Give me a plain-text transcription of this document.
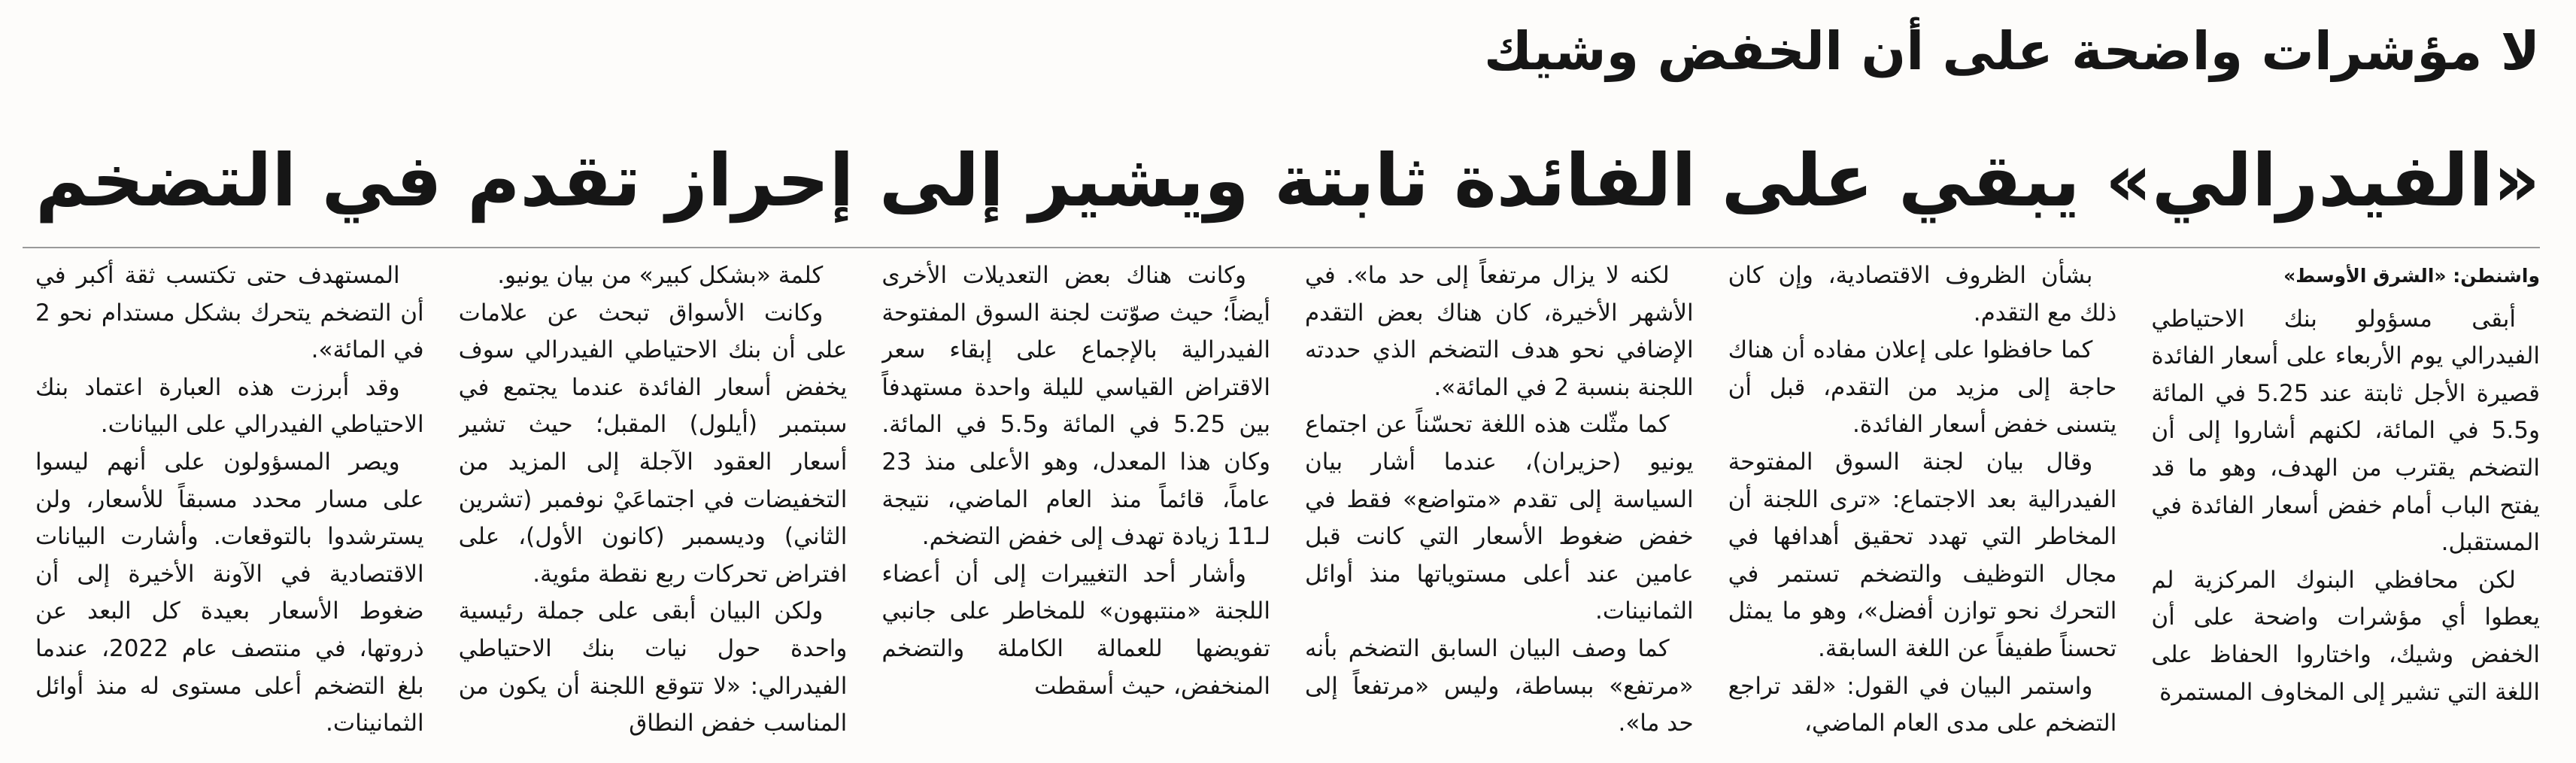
لا مؤشرات واضحة على أن الخفض وشيك
«الفيدرالي» يبقي على الفائدة ثابتة ويشير إلى إحراز تقدم في التضخم
واشنطن: «الشرق الأوسط»

أبقى مسؤولو بنك الاحتياطي الفيدرالي يوم الأربعاء على أسعار الفائدة قصيرة الأجل ثابتة عند 5.25 في المائة و5.5 في المائة، لكنهم أشاروا إلى أن التضخم يقترب من الهدف، وهو ما قد يفتح الباب أمام خفض أسعار الفائدة في المستقبل.

لكن محافظي البنوك المركزية لم يعطوا أي مؤشرات واضحة على أن الخفض وشيك، واختاروا الحفاظ على اللغة التي تشير إلى المخاوف المستمرة

بشأن الظروف الاقتصادية، وإن كان ذلك مع التقدم.

كما حافظوا على إعلان مفاده أن هناك حاجة إلى مزيد من التقدم، قبل أن يتسنى خفض أسعار الفائدة.

وقال بيان لجنة السوق المفتوحة الفيدرالية بعد الاجتماع: «ترى اللجنة أن المخاطر التي تهدد تحقيق أهدافها في مجال التوظيف والتضخم تستمر في التحرك نحو توازن أفضل»، وهو ما يمثل تحسناً طفيفاً عن اللغة السابقة.

واستمر البيان في القول: «لقد تراجع التضخم على مدى العام الماضي،

لكنه لا يزال مرتفعاً إلى حد ما». في الأشهر الأخيرة، كان هناك بعض التقدم الإضافي نحو هدف التضخم الذي حددته اللجنة بنسبة 2 في المائة».

كما مثّلت هذه اللغة تحسّناً عن اجتماع يونيو (حزيران)، عندما أشار بيان السياسة إلى تقدم «متواضع» فقط في خفض ضغوط الأسعار التي كانت قبل عامين عند أعلى مستوياتها منذ أوائل الثمانينات.

كما وصف البيان السابق التضخم بأنه «مرتفع» ببساطة، وليس «مرتفعاً إلى حد ما».

وكانت هناك بعض التعديلات الأخرى أيضاً؛ حيث صوّتت لجنة السوق المفتوحة الفيدرالية بالإجماع على إبقاء سعر الاقتراض القياسي لليلة واحدة مستهدفاً بين 5.25 في المائة و5.5 في المائة. وكان هذا المعدل، وهو الأعلى منذ 23 عاماً، قائماً منذ العام الماضي، نتيجة لـ11 زيادة تهدف إلى خفض التضخم.

وأشار أحد التغييرات إلى أن أعضاء اللجنة «منتبهون» للمخاطر على جانبي تفويضها للعمالة الكاملة والتضخم المنخفض، حيث أسقطت

كلمة «بشكل كبير» من بيان يونيو.

وكانت الأسواق تبحث عن علامات على أن بنك الاحتياطي الفيدرالي سوف يخفض أسعار الفائدة عندما يجتمع في سبتمبر (أيلول) المقبل؛ حيث تشير أسعار العقود الآجلة إلى المزيد من التخفيضات في اجتماعَيْ نوفمبر (تشرين الثاني) وديسمبر (كانون الأول)، على افتراض تحركات ربع نقطة مئوية.

ولكن البيان أبقى على جملة رئيسية واحدة حول نيات بنك الاحتياطي الفيدرالي: «لا تتوقع اللجنة أن يكون من المناسب خفض النطاق

المستهدف حتى تكتسب ثقة أكبر في أن التضخم يتحرك بشكل مستدام نحو 2 في المائة».

وقد أبرزت هذه العبارة اعتماد بنك الاحتياطي الفيدرالي على البيانات.

ويصر المسؤولون على أنهم ليسوا على مسار محدد مسبقاً للأسعار، ولن يسترشدوا بالتوقعات. وأشارت البيانات الاقتصادية في الآونة الأخيرة إلى أن ضغوط الأسعار بعيدة كل البعد عن ذروتها، في منتصف عام 2022، عندما بلغ التضخم أعلى مستوى له منذ أوائل الثمانينات.
